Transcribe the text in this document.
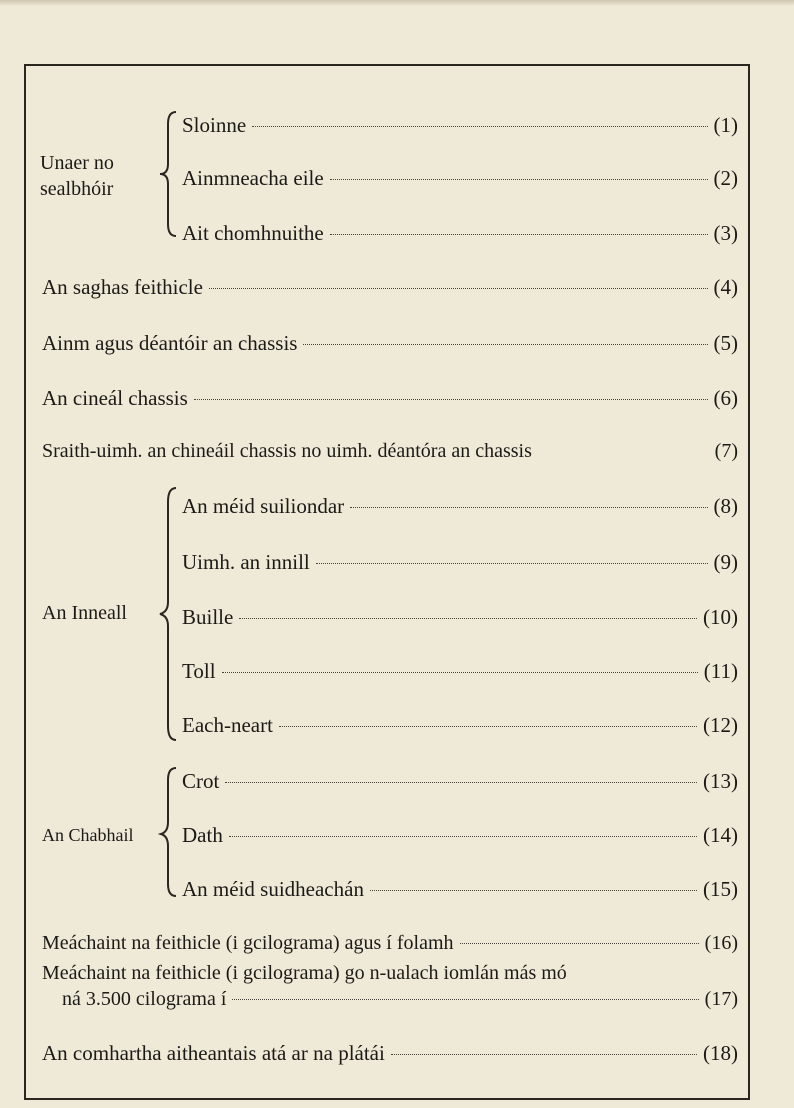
Unaer no
sealbhóir
Sloinne	(1)
Ainmneacha eile	(2)
Ait chomhnuithe	(3)
An saghas feithicle	(4)
Ainm agus déantóir an chassis	(5)
An cineál chassis	(6)
Sraith-uimh. an chineáil chassis no uimh. déantóra an chassis	(7)
An Inneall
An méid suiliondar	(8)
Uimh. an innill	(9)
Buille	(10)
Toll	(11)
Each-neart	(12)
An Chabhail
Crot	(13)
Dath	(14)
An méid suidheachán	(15)
Meáchaint na feithicle (i gcilograma) agus í folamh	(16)
Meáchaint na feithicle (i gcilograma) go n-ualach iomlán más mó
ná 3.500 cilograma í	(17)
An comhartha aitheantais atá ar na plátái	(18)
